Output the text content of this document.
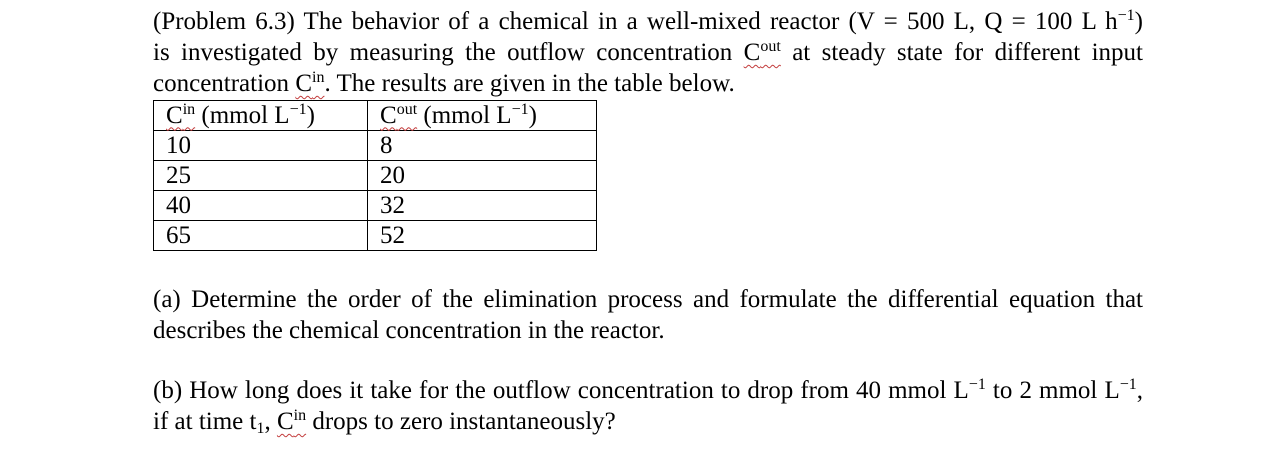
(Problem 6.3) The behavior of a chemical in a well-mixed reactor (V = 500 L, Q = 100 L $h^{-1}$)
is investigated by measuring the outflow concentration $C^{out}$ at steady state for different input
concentration $C^{in}$. The results are given in the table below.

$C^{in}$ (mmol $L^{-1}$)	$C^{out}$ (mmol $L^{-1}$)
10	8
25	20
40	32
65	52

(a) Determine the order of the elimination process and formulate the differential equation that describes the chemical concentration in the reactor.

(b) How long does it take for the outflow concentration to drop from 40 mmol $L^{-1}$ to 2 mmol $L^{-1}$, if at time $t_1$, $C^{in}$ drops to zero instantaneously?
